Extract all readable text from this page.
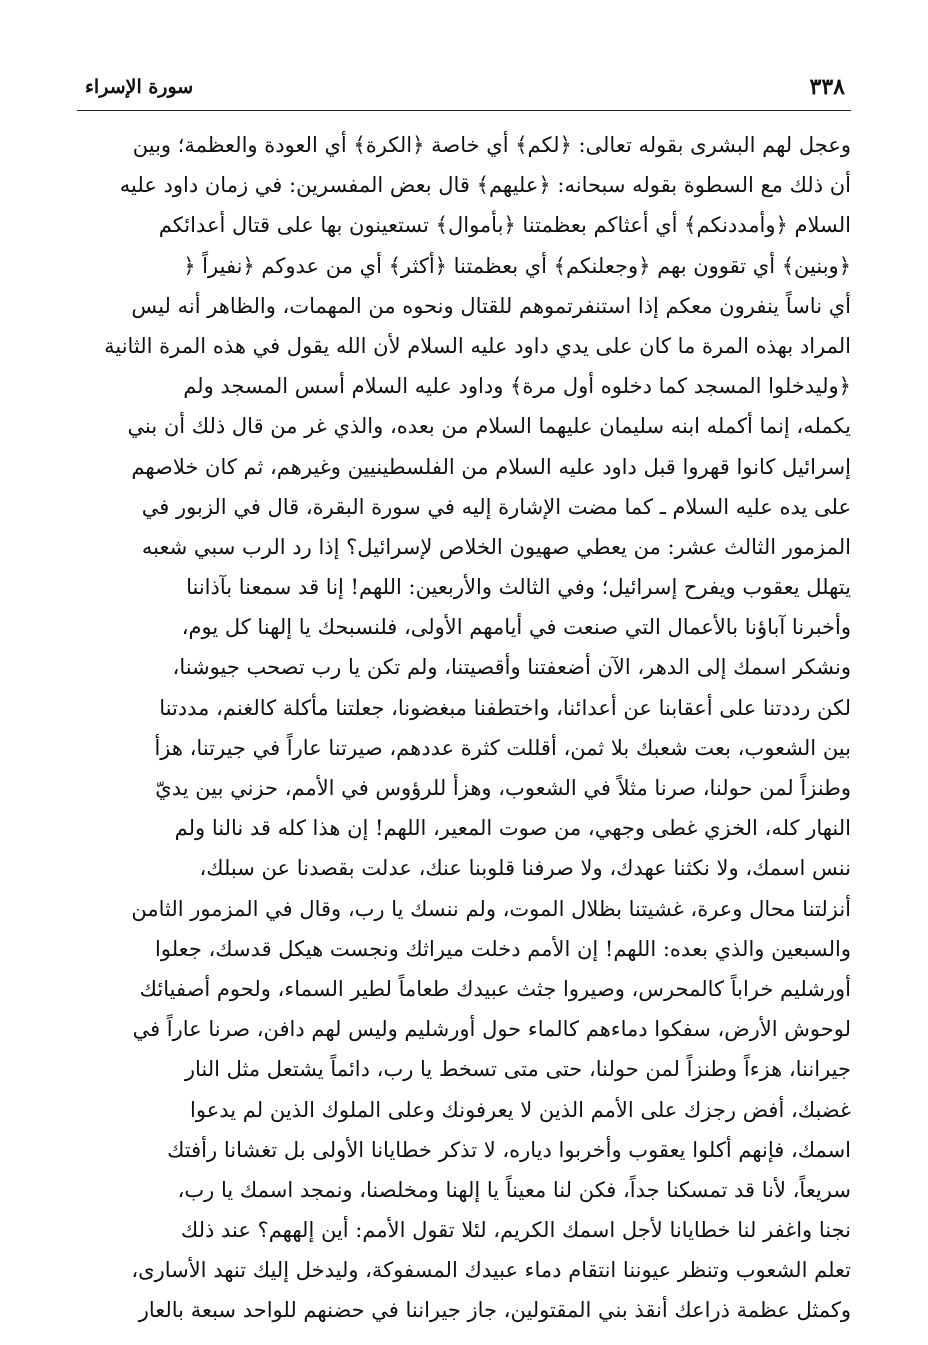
٣٣٨
سورة الإسراء
وعجل لهم البشرى بقوله تعالى: ﴿لكم﴾ أي خاصة ﴿الكرة﴾ أي العودة والعظمة؛ وبين
أن ذلك مع السطوة بقوله سبحانه: ﴿عليهم﴾ قال بعض المفسرين: في زمان داود عليه
السلام ﴿وأمددنكم﴾ أي أعثاكم بعظمتنا ﴿بأموال﴾ تستعينون بها على قتال أعدائكم
﴿وبنين﴾ أي تقوون بهم ﴿وجعلنكم﴾ أي بعظمتنا ﴿أكثر﴾ أي من عدوكم ﴿نفيراً ﴿
أي ناساً ينفرون معكم إذا استنفرتموهم للقتال ونحوه من المهمات، والظاهر أنه ليس
المراد بهذه المرة ما كان على يدي داود عليه السلام لأن الله يقول في هذه المرة الثانية
﴿وليدخلوا المسجد كما دخلوه أول مرة﴾ وداود عليه السلام أسس المسجد ولم
يكمله، إنما أكمله ابنه سليمان عليهما السلام من بعده، والذي غر من قال ذلك أن بني
إسرائيل كانوا قهروا قبل داود عليه السلام من الفلسطينيين وغيرهم، ثم كان خلاصهم
على يده عليه السلام ـ كما مضت الإشارة إليه في سورة البقرة، قال في الزبور في
المزمور الثالث عشر: من يعطي صهيون الخلاص لإسرائيل؟ إذا رد الرب سبي شعبه
يتهلل يعقوب ويفرح إسرائيل؛ وفي الثالث والأربعين: اللهم! إنا قد سمعنا بآذاننا
وأخبرنا آباؤنا بالأعمال التي صنعت في أيامهم الأولى، فلنسبحك يا إلهنا كل يوم،
ونشكر اسمك إلى الدهر، الآن أضعفتنا وأقصيتنا، ولم تكن يا رب تصحب جيوشنا،
لكن رددتنا على أعقابنا عن أعدائنا، واختطفنا مبغضونا، جعلتنا مأكلة كالغنم، مددتنا
بين الشعوب، بعت شعبك بلا ثمن، أقللت كثرة عددهم، صيرتنا عاراً في جيرتنا، هزأ
وطنزاً لمن حولنا، صرنا مثلاً في الشعوب، وهزأ للرؤوس في الأمم، حزني بين يديّ
النهار كله، الخزي غطى وجهي، من صوت المعير، اللهم! إن هذا كله قد نالنا ولم
ننس اسمك، ولا نكثنا عهدك، ولا صرفنا قلوبنا عنك، عدلت بقصدنا عن سبلك،
أنزلتنا محال وعرة، غشيتنا بظلال الموت، ولم ننسك يا رب، وقال في المزمور الثامن
والسبعين والذي بعده: اللهم! إن الأمم دخلت ميراثك ونجست هيكل قدسك، جعلوا
أورشليم خراباً كالمحرس، وصيروا جثث عبيدك طعاماً لطير السماء، ولحوم أصفيائك
لوحوش الأرض، سفكوا دماءهم كالماء حول أورشليم وليس لهم دافن، صرنا عاراً في
جيراننا، هزءاً وطنزاً لمن حولنا، حتى متى تسخط يا رب، دائماً يشتعل مثل النار
غضبك، أفض رجزك على الأمم الذين لا يعرفونك وعلى الملوك الذين لم يدعوا
اسمك، فإنهم أكلوا يعقوب وأخربوا دياره، لا تذكر خطايانا الأولى بل تغشانا رأفتك
سريعاً، لأنا قد تمسكنا جداً، فكن لنا معيناً يا إلهنا ومخلصنا، ونمجد اسمك يا رب،
نجنا واغفر لنا خطايانا لأجل اسمك الكريم، لئلا تقول الأمم: أين إلههم؟ عند ذلك
تعلم الشعوب وتنظر عيوننا انتقام دماء عبيدك المسفوكة، وليدخل إليك تنهد الأسارى،
وكمثل عظمة ذراعك أنقذ بني المقتولين، جاز جيراننا في حضنهم للواحد سبعة بالعار
